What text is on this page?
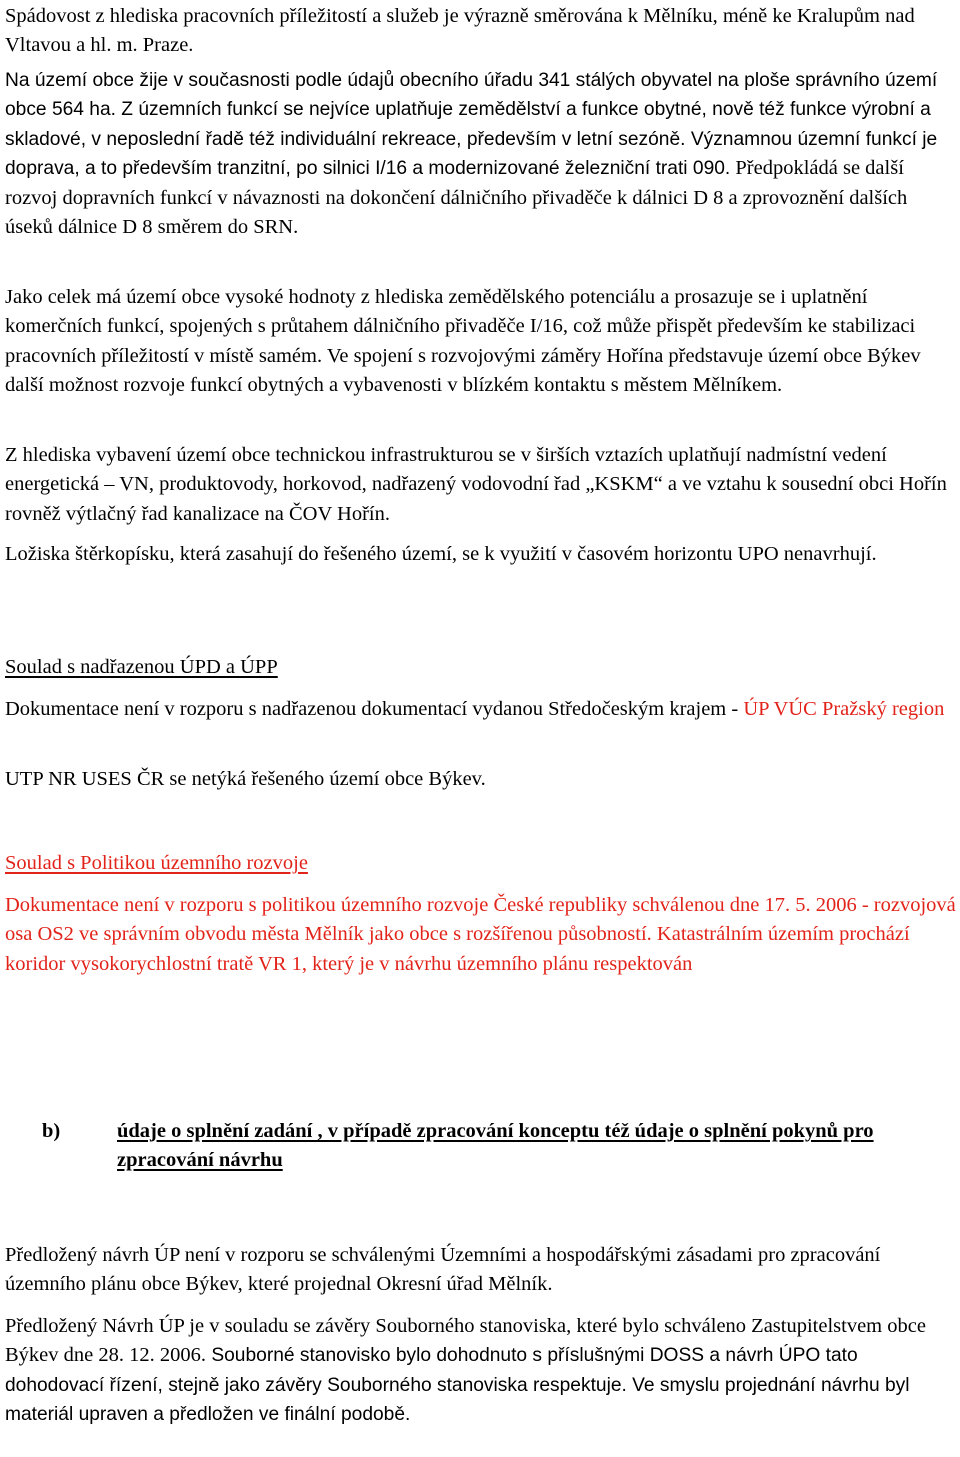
Spádovost z hlediska pracovních příležitostí a služeb je výrazně směrována k Mělníku, méně ke Kralupům nad Vltavou a hl. m. Praze.

Na území obce žije v současnosti podle údajů obecního úřadu 341 stálých obyvatel na ploše správního území obce 564 ha. Z územních funkcí se nejvíce uplatňuje zemědělství a funkce obytné, nově též funkce výrobní a skladové, v neposlední řadě též individuální rekreace, především v letní sezóně. Významnou územní funkcí je doprava, a to především tranzitní, po silnici I/16 a modernizované železniční trati 090. Předpokládá se další rozvoj dopravních funkcí v návaznosti na dokončení dálničního přivaděče k dálnici D 8 a zprovoznění dalších úseků dálnice D 8 směrem do SRN.

Jako celek má území obce vysoké hodnoty z hlediska zemědělského potenciálu a prosazuje se i uplatnění komerčních funkcí, spojených s průtahem dálničního přivaděče I/16, což může přispět především ke stabilizaci pracovních příležitostí v místě samém. Ve spojení s rozvojovými záměry Hořína představuje území obce Býkev další možnost rozvoje funkcí obytných a vybavenosti v blízkém kontaktu s městem Mělníkem.

Z hlediska vybavení území obce technickou infrastrukturou se v širších vztazích uplatňují nadmístní vedení energetická – VN, produktovody, horkovod, nadřazený vodovodní řad „KSKM“ a ve vztahu k sousední obci Hořín rovněž výtlačný řad kanalizace na ČOV Hořín.

Ložiska štěrkopísku, která zasahují do řešeného území, se k využití v časovém horizontu UPO nenavrhují.

Soulad s nadřazenou ÚPD a ÚPP

Dokumentace není v rozporu s nadřazenou dokumentací vydanou Středočeským krajem - ÚP VÚC Pražský region

UTP NR USES ČR se netýká řešeného území obce Býkev.

Soulad s Politikou územního rozvoje

Dokumentace není v rozporu s politikou územního rozvoje České republiky schválenou dne 17. 5. 2006 - rozvojová osa OS2 ve správním obvodu města Mělník jako obce s rozšířenou působností. Katastrálním územím prochází koridor vysokorychlostní tratě VR 1, který je v návrhu územního plánu respektován

b)	údaje o splnění zadání , v případě zpracování konceptu též údaje o splnění pokynů pro zpracování návrhu

Předložený návrh ÚP není v rozporu se schválenými Územními a hospodářskými zásadami pro zpracování územního plánu obce Býkev, které projednal Okresní úřad Mělník.

Předložený Návrh ÚP je v souladu se závěry Souborného stanoviska, které bylo schváleno Zastupitelstvem obce Býkev dne 28. 12. 2006. Souborné stanovisko bylo dohodnuto s příslušnými DOSS a návrh ÚPO tato dohodovací řízení, stejně jako závěry Souborného stanoviska respektuje. Ve smyslu projednání návrhu byl materiál upraven a předložen ve finální podobě.
